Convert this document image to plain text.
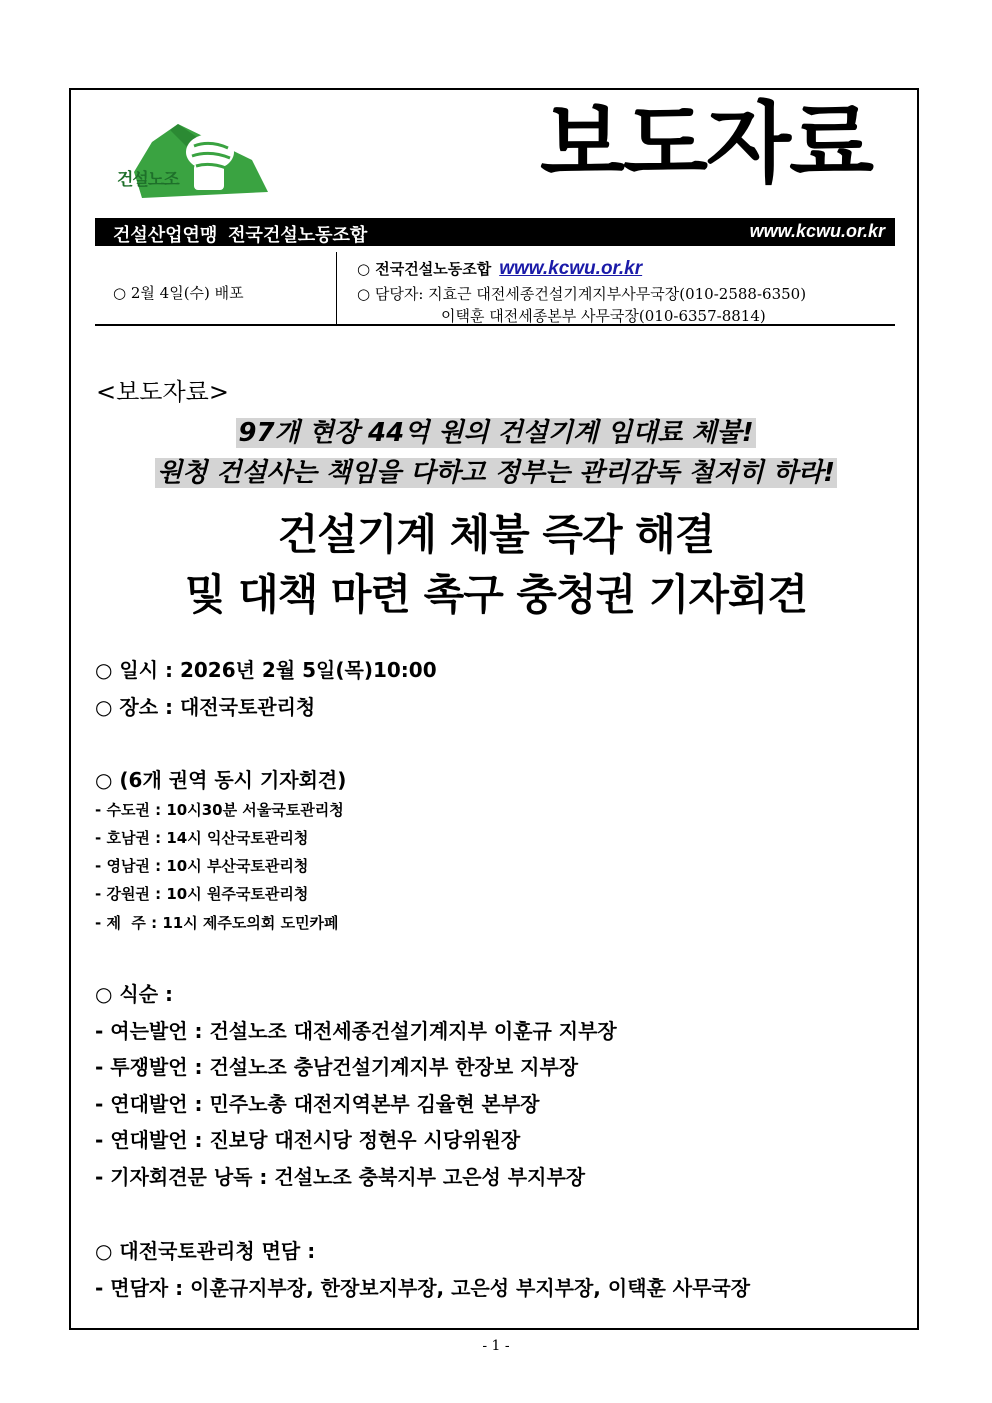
건설노조	보도자료
건설산업연맹 전국건설노동조합	www.kcwu.or.kr
○ 2월 4일(수) 배포
○ 전국건설노동조합 www.kcwu.or.kr
○ 담당자: 지효근 대전세종건설기계지부사무국장(010-2588-6350)
이택훈 대전세종본부 사무국장(010-6357-8814)
<보도자료>
97개 현장 44억 원의 건설기계 임대료 체불!
원청 건설사는 책임을 다하고 정부는 관리감독 철저히 하라!
건설기계 체불 즉각 해결
및 대책 마련 촉구 충청권 기자회견
○ 일시 : 2026년 2월 5일(목)10:00
○ 장소 : 대전국토관리청
○ (6개 권역 동시 기자회견)
- 수도권 : 10시30분 서울국토관리청
- 호남권 : 14시 익산국토관리청
- 영남권 : 10시 부산국토관리청
- 강원권 : 10시 원주국토관리청
- 제  주 : 11시 제주도의회 도민카페
○ 식순 :
- 여는발언 : 건설노조 대전세종건설기계지부 이훈규 지부장
- 투쟁발언 : 건설노조 충남건설기계지부 한장보 지부장
- 연대발언 : 민주노총 대전지역본부 김율현 본부장
- 연대발언 : 진보당 대전시당 정현우 시당위원장
- 기자회견문 낭독 : 건설노조 충북지부 고은성 부지부장
○ 대전국토관리청 면담 :
- 면담자 : 이훈규지부장, 한장보지부장, 고은성 부지부장, 이택훈 사무국장
- 1 -
